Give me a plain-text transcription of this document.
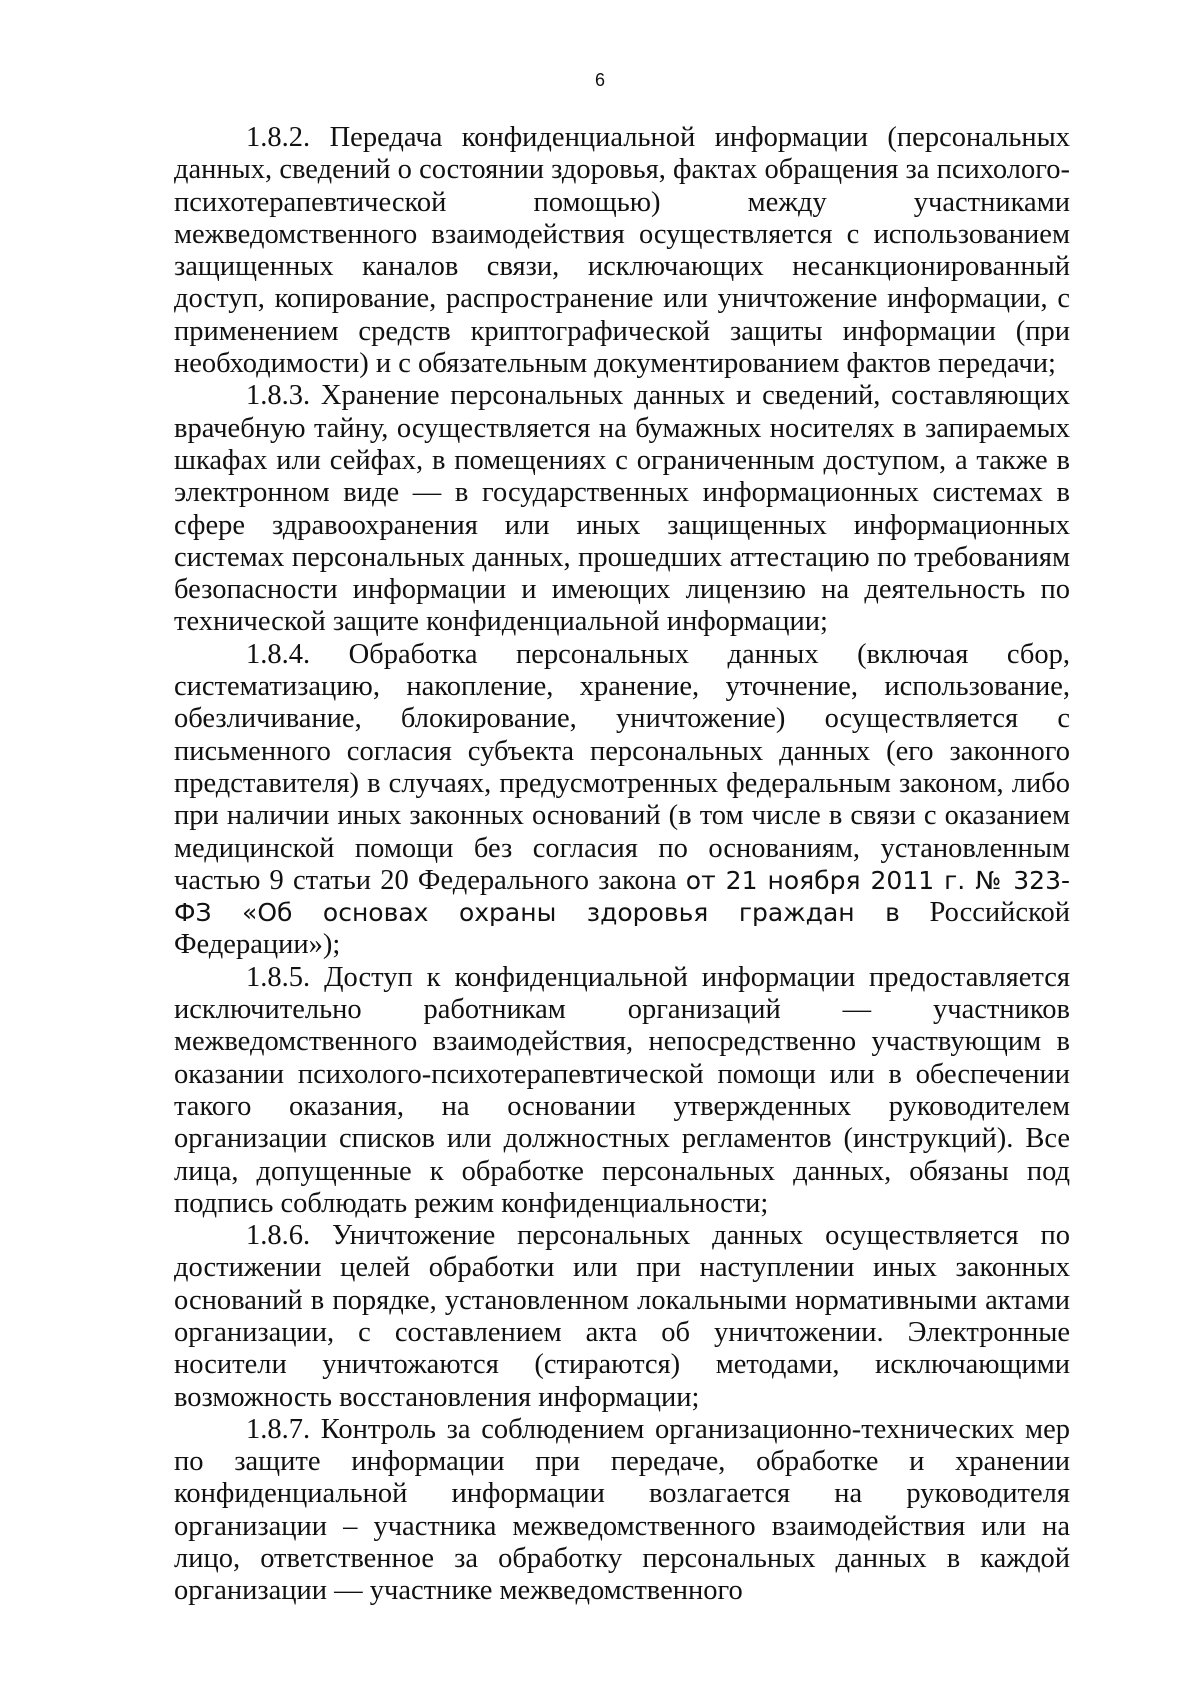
6

1.8.2. Передача конфиденциальной информации (персональных данных, сведений о состоянии здоровья, фактах обращения за психолого-психотерапевтической помощью) между участниками межведомственного взаимодействия осуществляется с использованием защищенных каналов связи, исключающих несанкционированный доступ, копирование, распространение или уничтожение информации, с применением средств криптографической защиты информации (при необходимости) и с обязательным документированием фактов передачи;

1.8.3. Хранение персональных данных и сведений, составляющих врачебную тайну, осуществляется на бумажных носителях в запираемых шкафах или сейфах, в помещениях с ограниченным доступом, а также в электронном виде — в государственных информационных системах в сфере здравоохранения или иных защищенных информационных системах персональных данных, прошедших аттестацию по требованиям безопасности информации и имеющих лицензию на деятельность по технической защите конфиденциальной информации;

1.8.4. Обработка персональных данных (включая сбор, систематизацию, накопление, хранение, уточнение, использование, обезличивание, блокирование, уничтожение) осуществляется с письменного согласия субъекта персональных данных (его законного представителя) в случаях, предусмотренных федеральным законом, либо при наличии иных законных оснований (в том числе в связи с оказанием медицинской помощи без согласия по основаниям, установленным частью 9 статьи 20 Федерального закона от 21 ноября 2011 г. № 323-ФЗ «Об основах охраны здоровья граждан в Российской Федерации»);

1.8.5. Доступ к конфиденциальной информации предоставляется исключительно работникам организаций — участников межведомственного взаимодействия, непосредственно участвующим в оказании психолого-психотерапевтической помощи или в обеспечении такого оказания, на основании утвержденных руководителем организации списков или должностных регламентов (инструкций). Все лица, допущенные к обработке персональных данных, обязаны под подпись соблюдать режим конфиденциальности;

1.8.6. Уничтожение персональных данных осуществляется по достижении целей обработки или при наступлении иных законных оснований в порядке, установленном локальными нормативными актами организации, с составлением акта об уничтожении. Электронные носители уничтожаются (стираются) методами, исключающими возможность восстановления информации;

1.8.7. Контроль за соблюдением организационно-технических мер по защите информации при передаче, обработке и хранении конфиденциальной информации возлагается на руководителя организации – участника межведомственного взаимодействия или на лицо, ответственное за обработку персональных данных в каждой организации — участнике межведомственного
